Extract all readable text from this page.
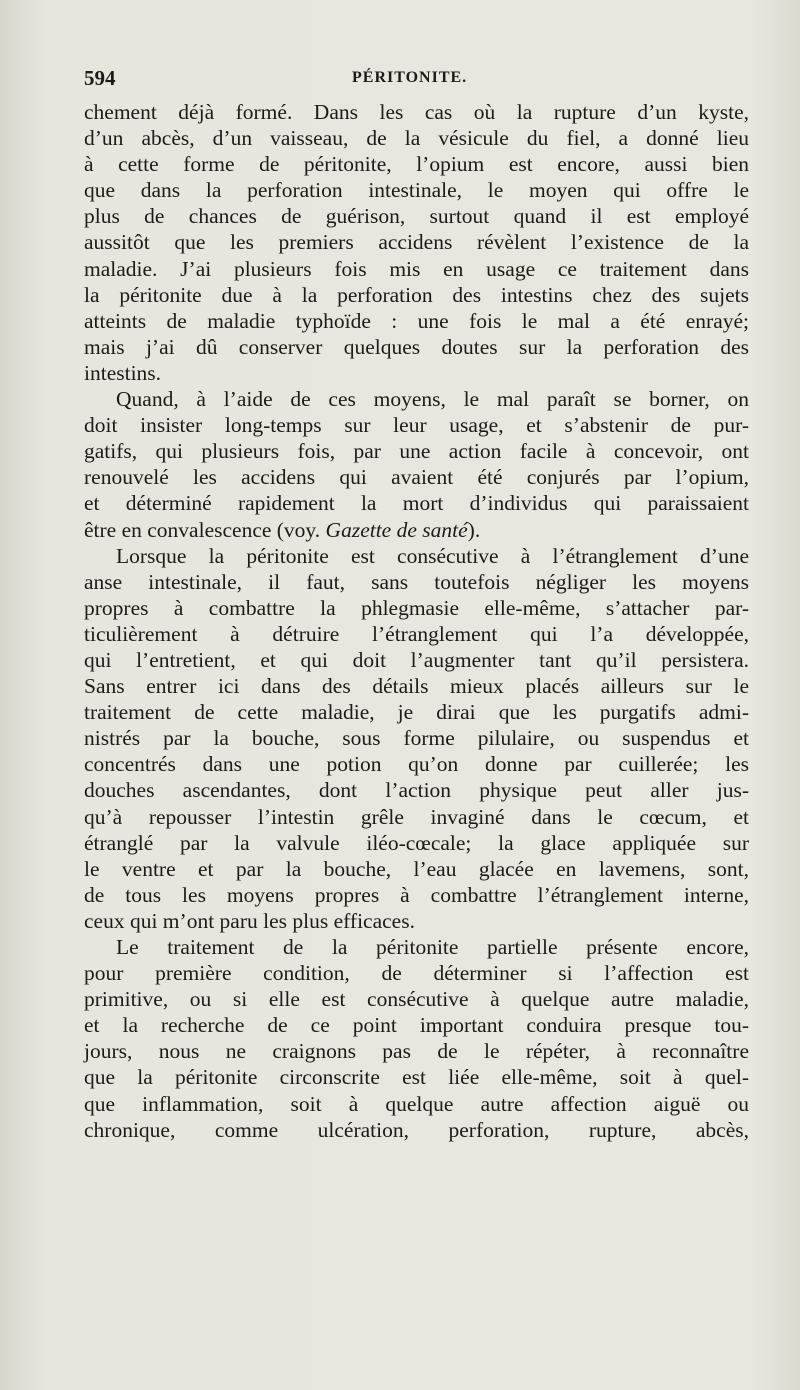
594	PÉRITONITE.
chement déjà formé. Dans les cas où la rupture d’un kyste,
d’un abcès, d’un vaisseau, de la vésicule du fiel, a donné lieu
à cette forme de péritonite, l’opium est encore, aussi bien
que dans la perforation intestinale, le moyen qui offre le
plus de chances de guérison, surtout quand il est employé
aussitôt que les premiers accidens révèlent l’existence de la
maladie. J’ai plusieurs fois mis en usage ce traitement dans
la péritonite due à la perforation des intestins chez des sujets
atteints de maladie typhoïde : une fois le mal a été enrayé;
mais j’ai dû conserver quelques doutes sur la perforation des
intestins.
Quand, à l’aide de ces moyens, le mal paraît se borner, on
doit insister long-temps sur leur usage, et s’abstenir de pur-
gatifs, qui plusieurs fois, par une action facile à concevoir, ont
renouvelé les accidens qui avaient été conjurés par l’opium,
et déterminé rapidement la mort d’individus qui paraissaient
être en convalescence (voy. Gazette de santé).
Lorsque la péritonite est consécutive à l’étranglement d’une
anse intestinale, il faut, sans toutefois négliger les moyens
propres à combattre la phlegmasie elle-même, s’attacher par-
ticulièrement à détruire l’étranglement qui l’a développée,
qui l’entretient, et qui doit l’augmenter tant qu’il persistera.
Sans entrer ici dans des détails mieux placés ailleurs sur le
traitement de cette maladie, je dirai que les purgatifs admi-
nistrés par la bouche, sous forme pilulaire, ou suspendus et
concentrés dans une potion qu’on donne par cuillerée; les
douches ascendantes, dont l’action physique peut aller jus-
qu’à repousser l’intestin grêle invaginé dans le cœcum, et
étranglé par la valvule iléo-cœcale; la glace appliquée sur
le ventre et par la bouche, l’eau glacée en lavemens, sont,
de tous les moyens propres à combattre l’étranglement interne,
ceux qui m’ont paru les plus efficaces.
Le traitement de la péritonite partielle présente encore,
pour première condition, de déterminer si l’affection est
primitive, ou si elle est consécutive à quelque autre maladie,
et la recherche de ce point important conduira presque tou-
jours, nous ne craignons pas de le répéter, à reconnaître
que la péritonite circonscrite est liée elle-même, soit à quel-
que inflammation, soit à quelque autre affection aiguë ou
chronique, comme ulcération, perforation, rupture, abcès,
